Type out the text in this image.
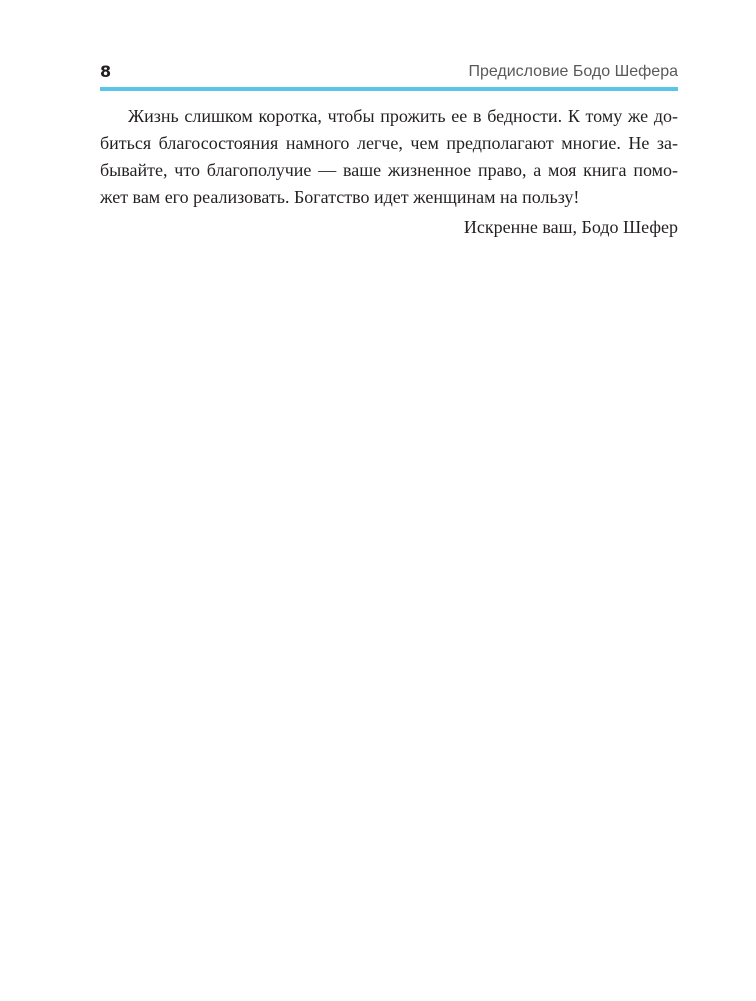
8	Предисловие Бодо Шефера
Жизнь слишком коротка, чтобы прожить ее в бедности. К тому же до-
биться благосостояния намного легче, чем предполагают многие. Не за-
бывайте, что благополучие — ваше жизненное право, а моя книга помо-
жет вам его реализовать. Богатство идет женщинам на пользу!
Искренне ваш, Бодо Шефер
